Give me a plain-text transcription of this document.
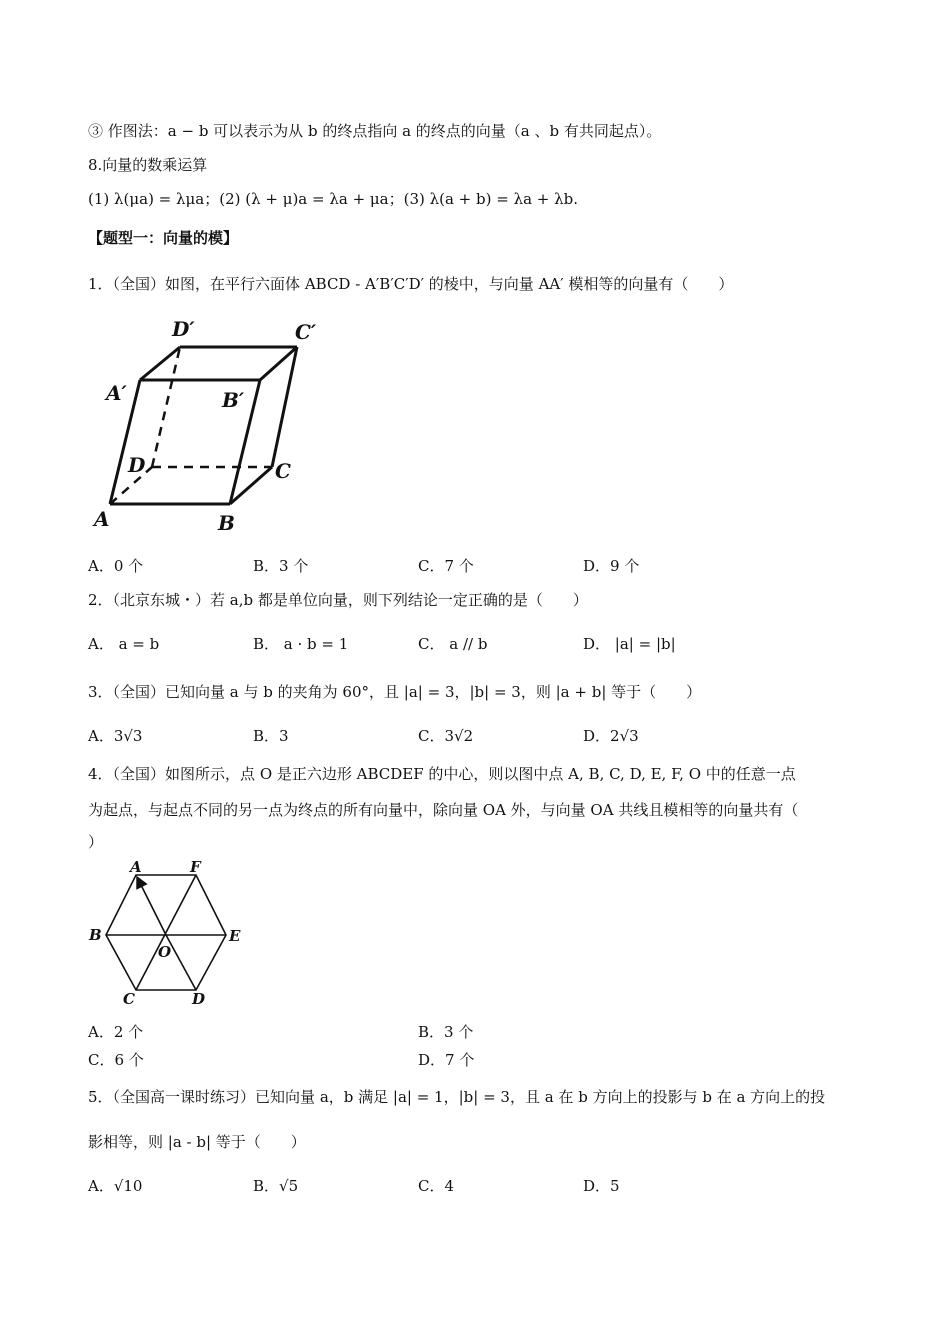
③ 作图法：a − b 可以表示为从 b 的终点指向 a 的终点的向量（a 、b 有共同起点）。
8.向量的数乘运算
(1) λ(μa) = λμa；(2) (λ + μ)a = λa + μa；(3) λ(a + b) = λa + λb.
【题型一：向量的模】
1．（全国）如图，在平行六面体 ABCD - A′B′C′D′ 的棱中，与向量 AA′ 模相等的向量有（　　）
D′	C′
A′	B′
D	C
A	B
A．0 个	B．3 个	C．7 个	D．9 个
2．（北京东城・）若 a,b 都是单位向量，则下列结论一定正确的是（　　）
A． a = b	B． a · b = 1	C． a // b	D． |a| = |b|
3．（全国）已知向量 a 与 b 的夹角为 60°，且 |a| = 3，|b| = 3，则 |a + b| 等于（　　）
A．3√3	B．3	C．3√2	D．2√3
4．（全国）如图所示，点 O 是正六边形 ABCDEF 的中心，则以图中点 A, B, C, D, E, F, O 中的任意一点
为起点，与起点不同的另一点为终点的所有向量中，除向量 OA 外，与向量 OA 共线且模相等的向量共有（
）
A	F
B	E
O
C	D
A．2 个	B．3 个
C．6 个	D．7 个
5．（全国高一课时练习）已知向量 a，b 满足 |a| = 1，|b| = 3，且 a 在 b 方向上的投影与 b 在 a 方向上的投
影相等，则 |a - b| 等于（　　）
A．√10	B．√5	C．4	D．5
